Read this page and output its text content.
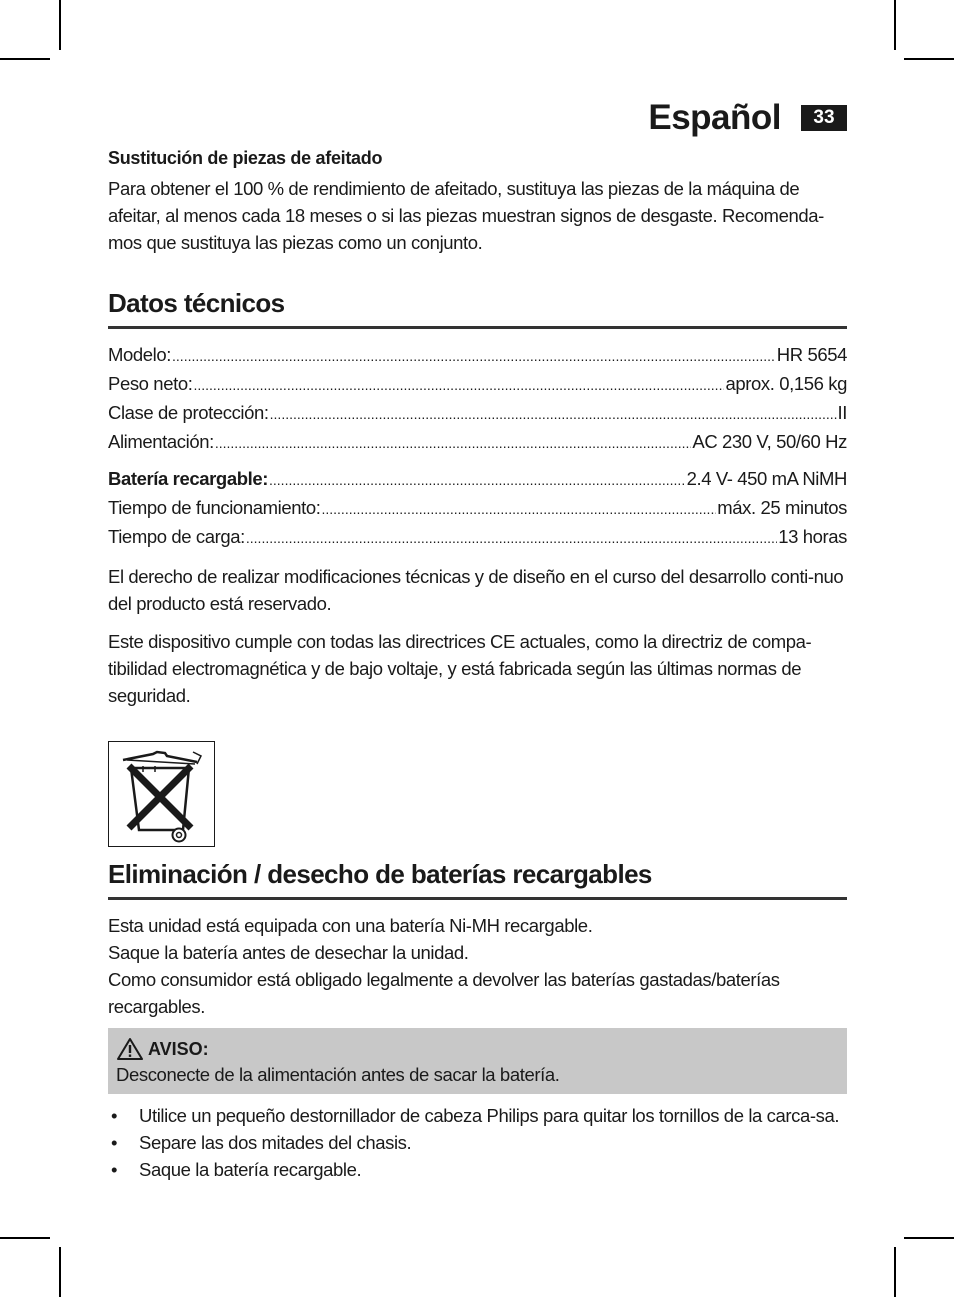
Español	33
Sustitución de piezas de afeitado

Para obtener el 100 % de rendimiento de afeitado, sustituya las piezas de la máquina de afeitar, al menos cada 18 meses o si las piezas muestran signos de desgaste. Recomenda-mos que sustituya las piezas como un conjunto.

Datos técnicos
Modelo: .....	HR 5654
Peso neto: .....	aprox. 0,156 kg
Clase de protección: .....	II
Alimentación: .....	AC 230 V, 50/60 Hz
Batería recargable: .....	2.4 V- 450 mA NiMH
Tiempo de funcionamiento: .....	máx. 25 minutos
Tiempo de carga: .....	13 horas

El derecho de realizar modificaciones técnicas y de diseño en el curso del desarrollo conti-nuo del producto está reservado.

Este dispositivo cumple con todas las directrices CE actuales, como la directriz de compa-tibilidad electromagnética y de bajo voltaje, y está fabricada según las últimas normas de seguridad.

Eliminación / desecho de baterías recargables

Esta unidad está equipada con una batería Ni-MH recargable.

Saque la batería antes de desechar la unidad.

Como consumidor está obligado legalmente a devolver las baterías gastadas/baterías recargables.

AVISO:

Desconecte de la alimentación antes de sacar la batería.

• Utilice un pequeño destornillador de cabeza Philips para quitar los tornillos de la carca-sa.
• Separe las dos mitades del chasis.
• Saque la batería recargable.
